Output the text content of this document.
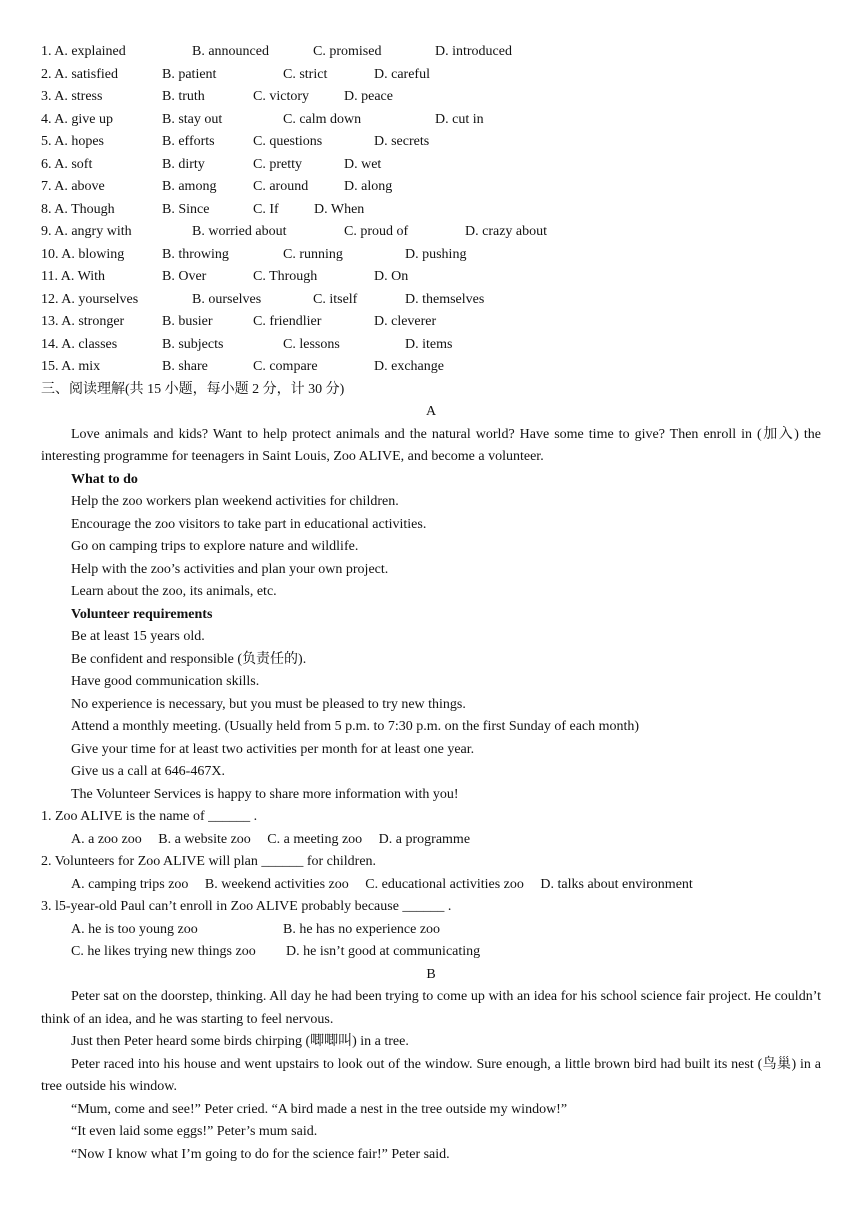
1. A. explained	B. announced	C. promised	D. introduced
2. A. satisfied	B. patient	C. strict	D. careful
3. A. stress	B. truth	C. victory	D. peace
4. A. give up	B. stay out	C. calm down	D. cut in
5. A. hopes	B. efforts	C. questions	D. secrets
6. A. soft	B. dirty	C. pretty	D. wet
7. A. above	B. among	C. around	D. along
8. A. Though	B. Since	C. If	D. When
9. A. angry with	B. worried about	C. proud of	D. crazy about
10. A. blowing	B. throwing	C. running	D. pushing
11. A. With	B. Over	C. Through	D. On
12. A. yourselves	B. ourselves	C. itself	D. themselves
13. A. stronger	B. busier	C. friendlier	D. cleverer
14. A. classes	B. subjects	C. lessons	D. items
15. A. mix	B. share	C. compare	D. exchange
三、阅读理解(共 15 小题，每小题 2 分，计 30 分)
A
Love animals and kids? Want to help protect animals and the natural world? Have some time to give? Then enroll in (加入) the interesting programme for teenagers in Saint Louis, Zoo ALIVE, and become a volunteer.
What to do
Help the zoo workers plan weekend activities for children.
Encourage the zoo visitors to take part in educational activities.
Go on camping trips to explore nature and wildlife.
Help with the zoo’s activities and plan your own project.
Learn about the zoo, its animals, etc.
Volunteer requirements
Be at least 15 years old.
Be confident and responsible (负责任的).
Have good communication skills.
No experience is necessary, but you must be pleased to try new things.
Attend a monthly meeting. (Usually held from 5 p.m. to 7:30 p.m. on the first Sunday of each month)
Give your time for at least two activities per month for at least one year.
Give us a call at 646-467X.
The Volunteer Services is happy to share more information with you!
1. Zoo ALIVE is the name of ______ .
A. a zoo zoo B. a website zoo C. a meeting zoo D. a programme
2. Volunteers for Zoo ALIVE will plan ______ for children.
A. camping trips zoo B. weekend activities zoo C. educational activities zoo D. talks about environment
3. l5-year-old Paul can’t enroll in Zoo ALIVE probably because ______ .
A. he is too young zoo	B. he has no experience zoo
C. he likes trying new things zoo D. he isn’t good at communicating
B
Peter sat on the doorstep, thinking. All day he had been trying to come up with an idea for his school science fair project. He couldn’t think of an idea, and he was starting to feel nervous.
Just then Peter heard some birds chirping (唧唧叫) in a tree.
Peter raced into his house and went upstairs to look out of the window. Sure enough, a little brown bird had built its nest (鸟巢) in a tree outside his window.
“Mum, come and see!” Peter cried. “A bird made a nest in the tree outside my window!”
“It even laid some eggs!” Peter’s mum said.
“Now I know what I’m going to do for the science fair!” Peter said.
